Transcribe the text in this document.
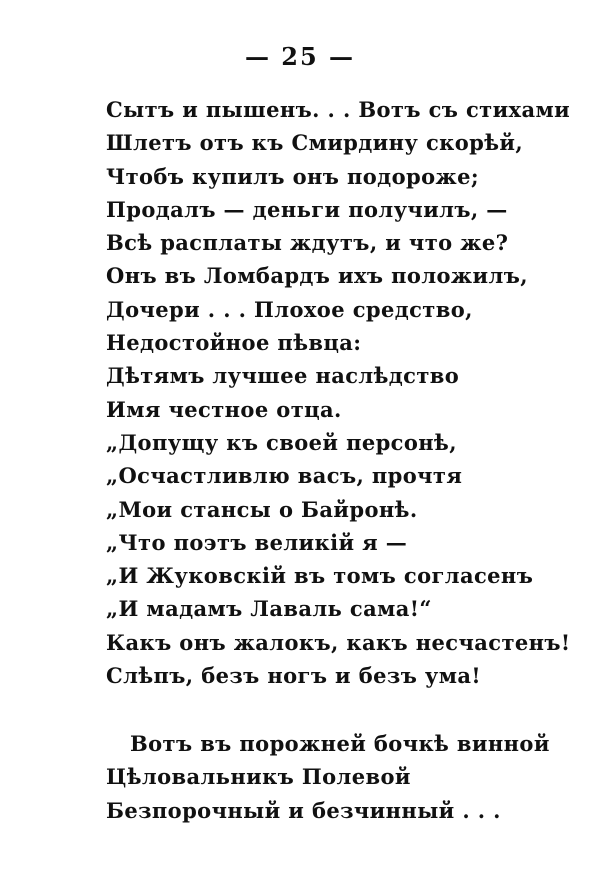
— 25 —
Сытъ и пышенъ. . . Вотъ съ стихами
Шлетъ отъ къ Смирдину скорѣй,
Чтобъ купилъ онъ подороже;
Продалъ — деньги получилъ, —
Всѣ расплаты ждутъ, и что же?
Онъ въ Ломбардъ ихъ положилъ,
Дочери . . . Плохое средство,
Недостойное пѣвца:
Дѣтямъ лучшее наслѣдство
Имя честное отца.
„Допущу къ своей персонѣ,
„Осчастливлю васъ, прочтя
„Мои стансы о Байронѣ.
„Что поэтъ великій я —
„И Жуковскій въ томъ согласенъ
„И мадамъ Лаваль сама!“
Какъ онъ жалокъ, какъ несчастенъ!
Слѣпъ, безъ ногъ и безъ ума!
Вотъ въ порожней бочкѣ винной
Цѣловальникъ Полевой
Безпорочный и безчинный . . .
